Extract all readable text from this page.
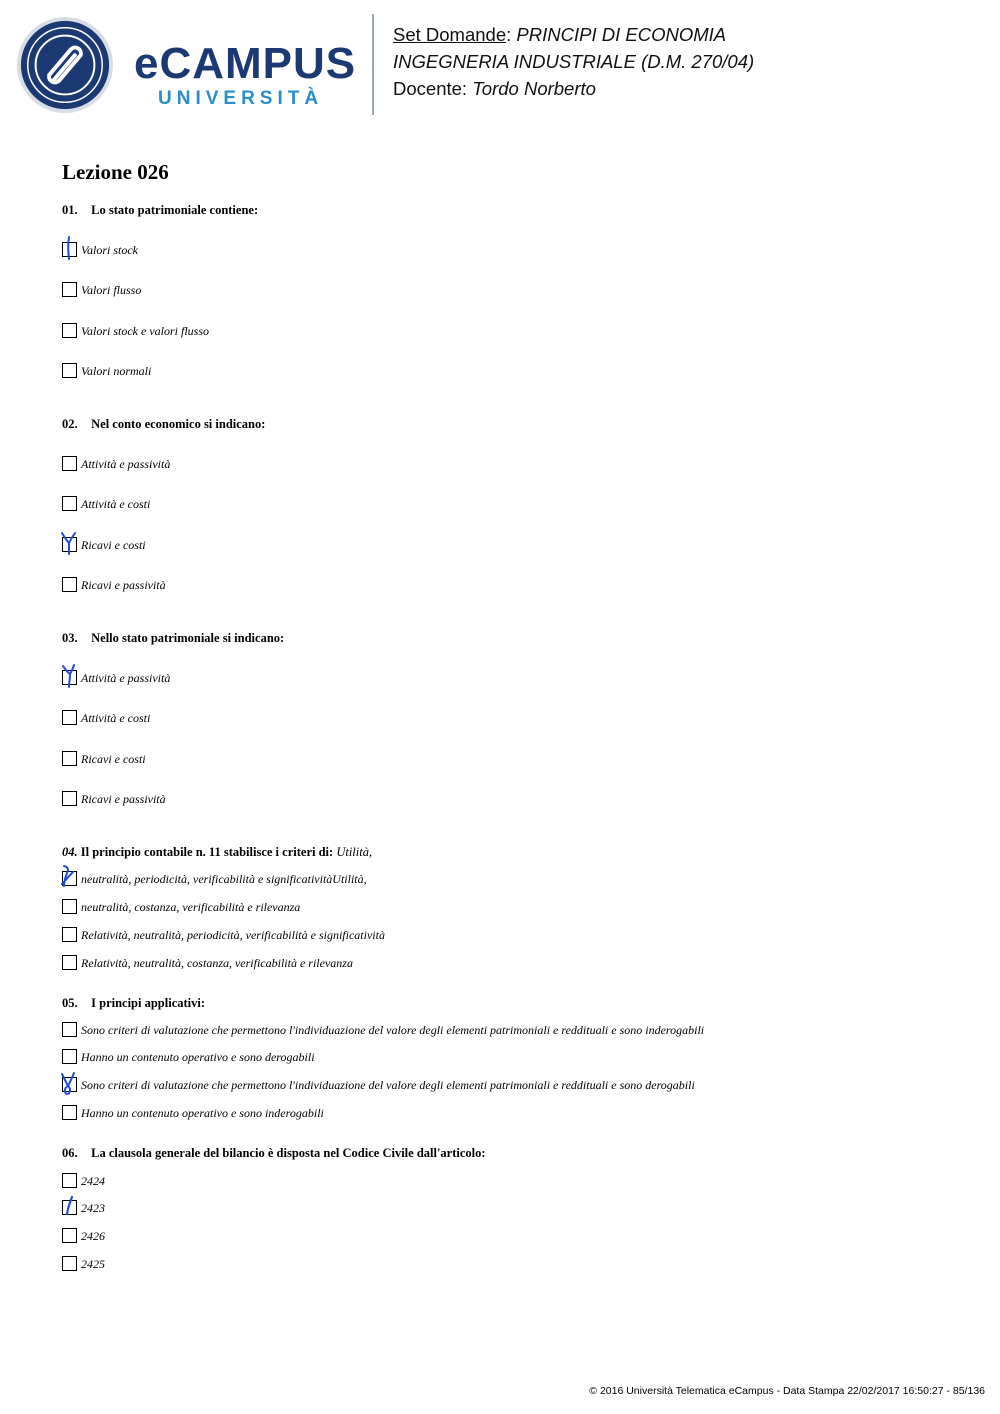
eCAMPUS
UNIVERSITÀ
Set Domande: PRINCIPI DI ECONOMIA
INGEGNERIA INDUSTRIALE (D.M. 270/04)
Docente: Tordo Norberto
Lezione 026
01. Lo stato patrimoniale contiene:
Valori stock
Valori flusso
Valori stock e valori flusso
Valori normali
02. Nel conto economico si indicano:
Attività e passività
Attività e costi
Ricavi e costi
Ricavi e passività
03. Nello stato patrimoniale si indicano:
Attività e passività
Attività e costi
Ricavi e costi
Ricavi e passività
04. Il principio contabile n. 11 stabilisce i criteri di: Utilità,
neutralità, periodicità, verificabilità e significativitàUtilità,
neutralità, costanza, verificabilità e rilevanza
Relatività, neutralità, periodicità, verificabilità e significatività
Relatività, neutralità, costanza, verificabilità e rilevanza
05. I principi applicativi:
Sono criteri di valutazione che permettono l'individuazione del valore degli elementi patrimoniali e reddituali e sono inderogabili
Hanno un contenuto operativo e sono derogabili
Sono criteri di valutazione che permettono l'individuazione del valore degli elementi patrimoniali e reddituali e sono derogabili
Hanno un contenuto operativo e sono inderogabili
06. La clausola generale del bilancio è disposta nel Codice Civile dall'articolo:
2424
2423
2426
2425
© 2016 Università Telematica eCampus - Data Stampa 22/02/2017 16:50:27 - 85/136
